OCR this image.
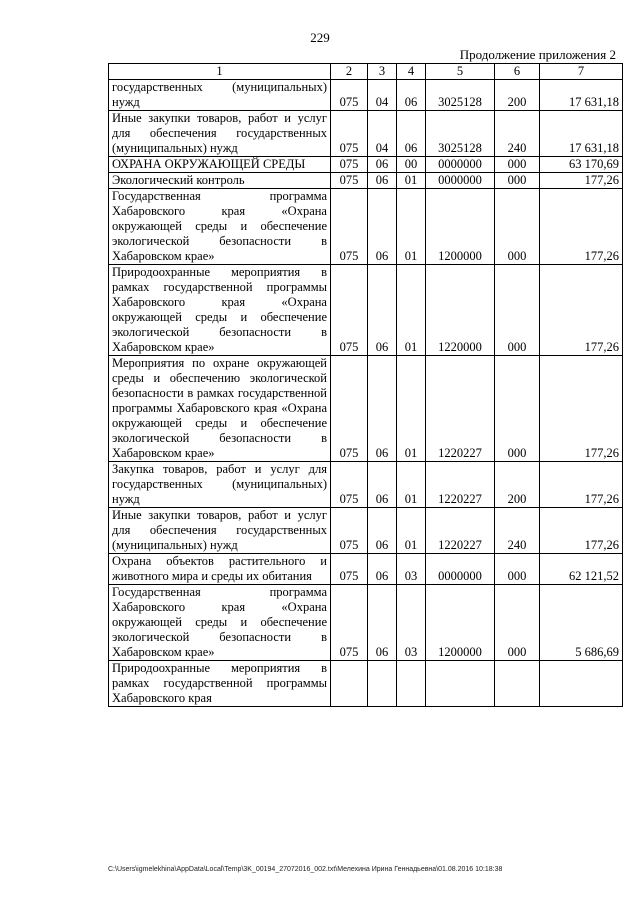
229
Продолжение приложения 2
1	2	3	4	5	6	7
государственных (муниципальных) нужд	075	04	06	3025128	200	17 631,18
Иные закупки товаров, работ и услуг для обеспечения государственных (муниципальных) нужд	075	04	06	3025128	240	17 631,18
ОХРАНА ОКРУЖАЮЩЕЙ СРЕДЫ	075	06	00	0000000	000	63 170,69
Экологический контроль	075	06	01	0000000	000	177,26
Государственная программа Хабаровского края «Охрана окружающей среды и обеспечение экологической безопасности в Хабаровском крае»	075	06	01	1200000	000	177,26
Природоохранные мероприятия в рамках государственной программы Хабаровского края «Охрана окружающей среды и обеспечение экологической безопасности в Хабаровском крае»	075	06	01	1220000	000	177,26
Мероприятия по охране окружающей среды и обеспечению экологической безопасности в рамках государственной программы Хабаровского края «Охрана окружающей среды и обеспечение экологической безопасности в Хабаровском крае»	075	06	01	1220227	000	177,26
Закупка товаров, работ и услуг для государственных (муниципальных) нужд	075	06	01	1220227	200	177,26
Иные закупки товаров, работ и услуг для обеспечения государственных (муниципальных) нужд	075	06	01	1220227	240	177,26
Охрана объектов растительного и животного мира и среды их обитания	075	06	03	0000000	000	62 121,52
Государственная программа Хабаровского края «Охрана окружающей среды и обеспечение экологической безопасности в Хабаровском крае»	075	06	03	1200000	000	5 686,69
Природоохранные мероприятия в рамках государственной программы Хабаровского края						
C:\Users\igmelekhina\AppData\Local\Temp\3K_00194_27072016_002.txt\Мелехина Ирина Геннадьевна\01.08.2016 10:18:38
